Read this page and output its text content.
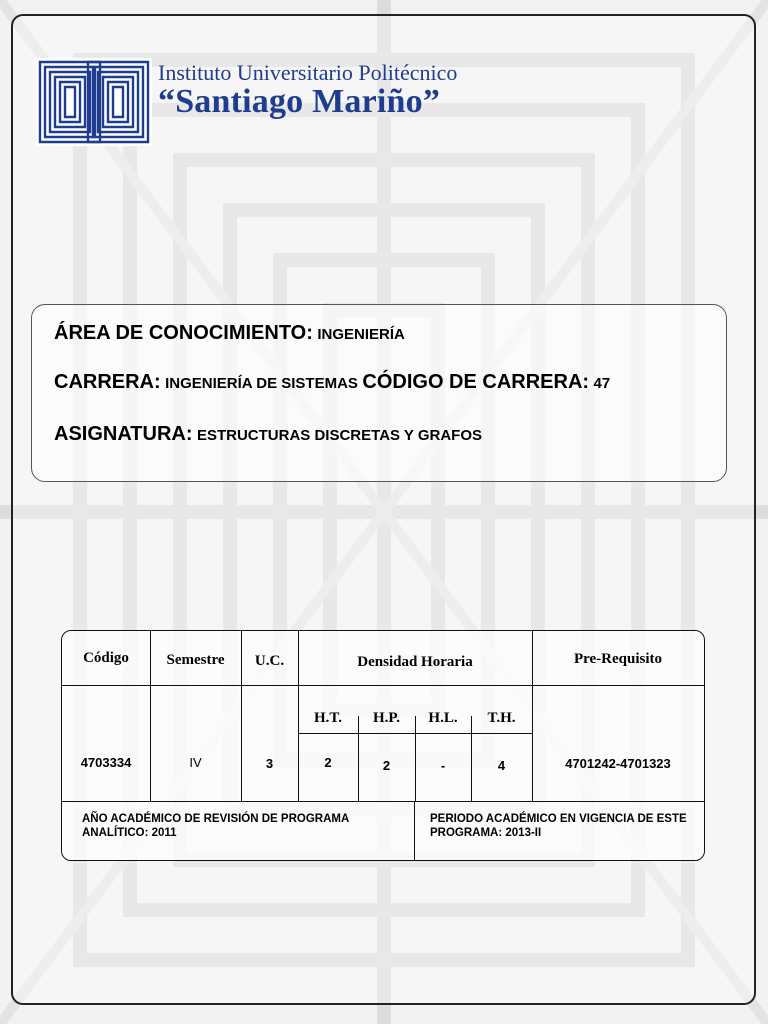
Instituto Universitario Politécnico

“Santiago Mariño”

ÁREA DE CONOCIMIENTO: INGENIERÍA
CARRERA: INGENIERÍA DE SISTEMAS CÓDIGO DE CARRERA: 47
ASIGNATURA: ESTRUCTURAS DISCRETAS Y GRAFOS
Código	Semestre	U.C.	Densidad Horaria	Pre-Requisito
H.T.	H.P.	H.L.	T.H.
4703334	IV	3	2	2	-	4	4701242-4701323
AÑO ACADÉMICO DE REVISIÓN DE PROGRAMA ANALÍTICO: 2011
PERIODO ACADÉMICO EN VIGENCIA DE ESTE PROGRAMA: 2013-II
